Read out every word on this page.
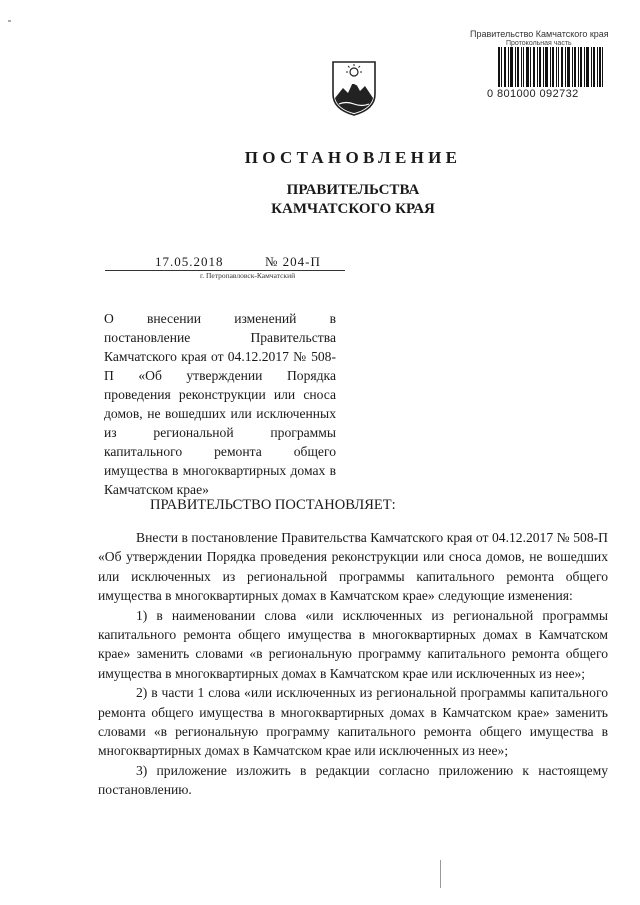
Правительство Камчатского края
Протокольная часть
0 801000 092732
ПОСТАНОВЛЕНИЕ
ПРАВИТЕЛЬСТВА
КАМЧАТСКОГО КРАЯ
17.05.2018	№ 204-П
г. Петропавловск-Камчатский
О внесении изменений в постановление Правительства Камчатского края от 04.12.2017 № 508-П «Об утверждении Порядка проведения реконструкции или сноса домов, не вошедших или исключенных из региональной программы капитального ремонта общего имущества в многоквартирных домах в Камчатском крае»
ПРАВИТЕЛЬСТВО ПОСТАНОВЛЯЕТ:

Внести в постановление Правительства Камчатского края от 04.12.2017 № 508-П «Об утверждении Порядка проведения реконструкции или сноса домов, не вошедших или исключенных из региональной программы капитального ремонта общего имущества в многоквартирных домах в Камчатском крае» следующие изменения:

1) в наименовании слова «или исключенных из региональной программы капитального ремонта общего имущества в многоквартирных домах в Камчатском крае» заменить словами «в региональную программу капитального ремонта общего имущества в многоквартирных домах в Камчатском крае или исключенных из нее»;

2) в части 1 слова «или исключенных из региональной программы капитального ремонта общего имущества в многоквартирных домах в Камчатском крае» заменить словами «в региональную программу капитального ремонта общего имущества в многоквартирных домах в Камчатском крае или исключенных из нее»;

3) приложение изложить в редакции согласно приложению к настоящему постановлению.
